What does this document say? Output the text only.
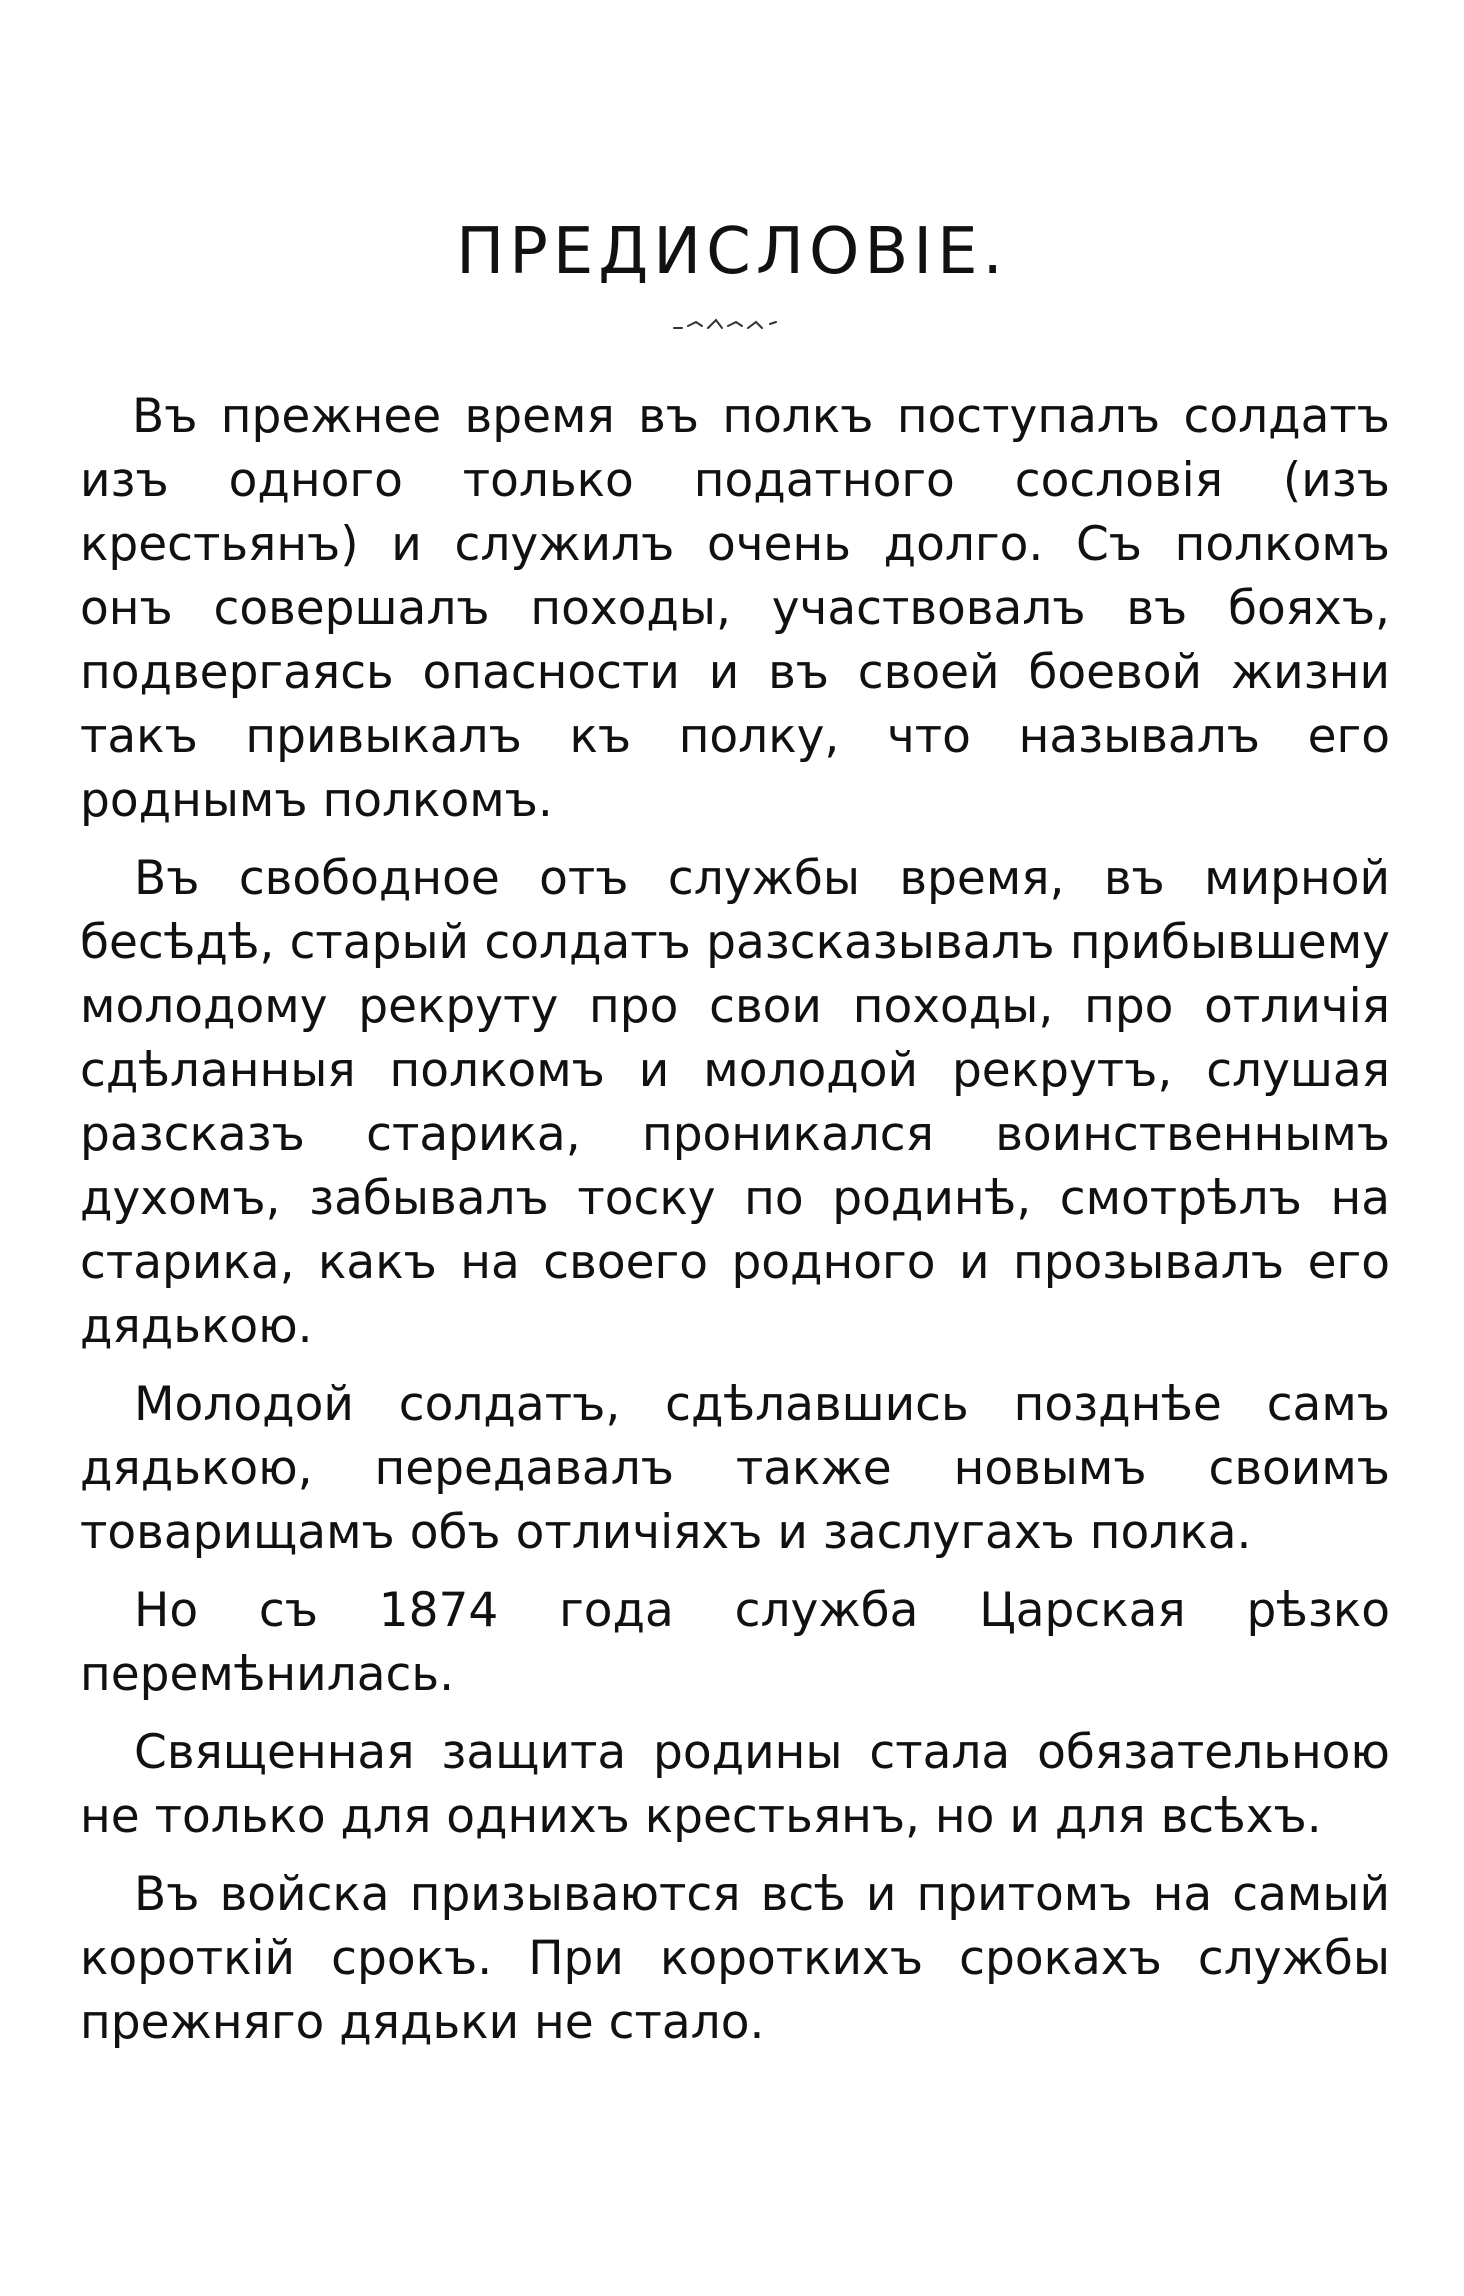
ПРЕДИСЛОВІЕ.

Въ прежнее время въ полкъ поступалъ солдатъ изъ одного только податного сословія (изъ крестьянъ) и служилъ очень долго. Съ полкомъ онъ совершалъ походы, участвовалъ въ бояхъ, подвергаясь опасности и въ своей боевой жизни такъ привыкалъ къ полку, что называлъ его роднымъ полкомъ.

Въ свободное отъ службы время, въ мирной бесѣдѣ, старый солдатъ разсказывалъ прибывшему молодому рекруту про свои походы, про отличія сдѣланныя полкомъ и молодой рекрутъ, слушая разсказъ старика, проникался воинственнымъ духомъ, забывалъ тоску по родинѣ, смотрѣлъ на старика, какъ на своего родного и прозывалъ его дядькою.

Молодой солдатъ, сдѣлавшись позднѣе самъ дядькою, передавалъ также новымъ своимъ товарищамъ объ отличіяхъ и заслугахъ полка.

Но съ 1874 года служба Царская рѣзко перемѣнилась.

Священная защита родины стала обязательною не только для однихъ крестьянъ, но и для всѣхъ.

Въ войска призываются всѣ и притомъ на самый короткій срокъ. При короткихъ срокахъ службы прежняго дядьки не стало.
